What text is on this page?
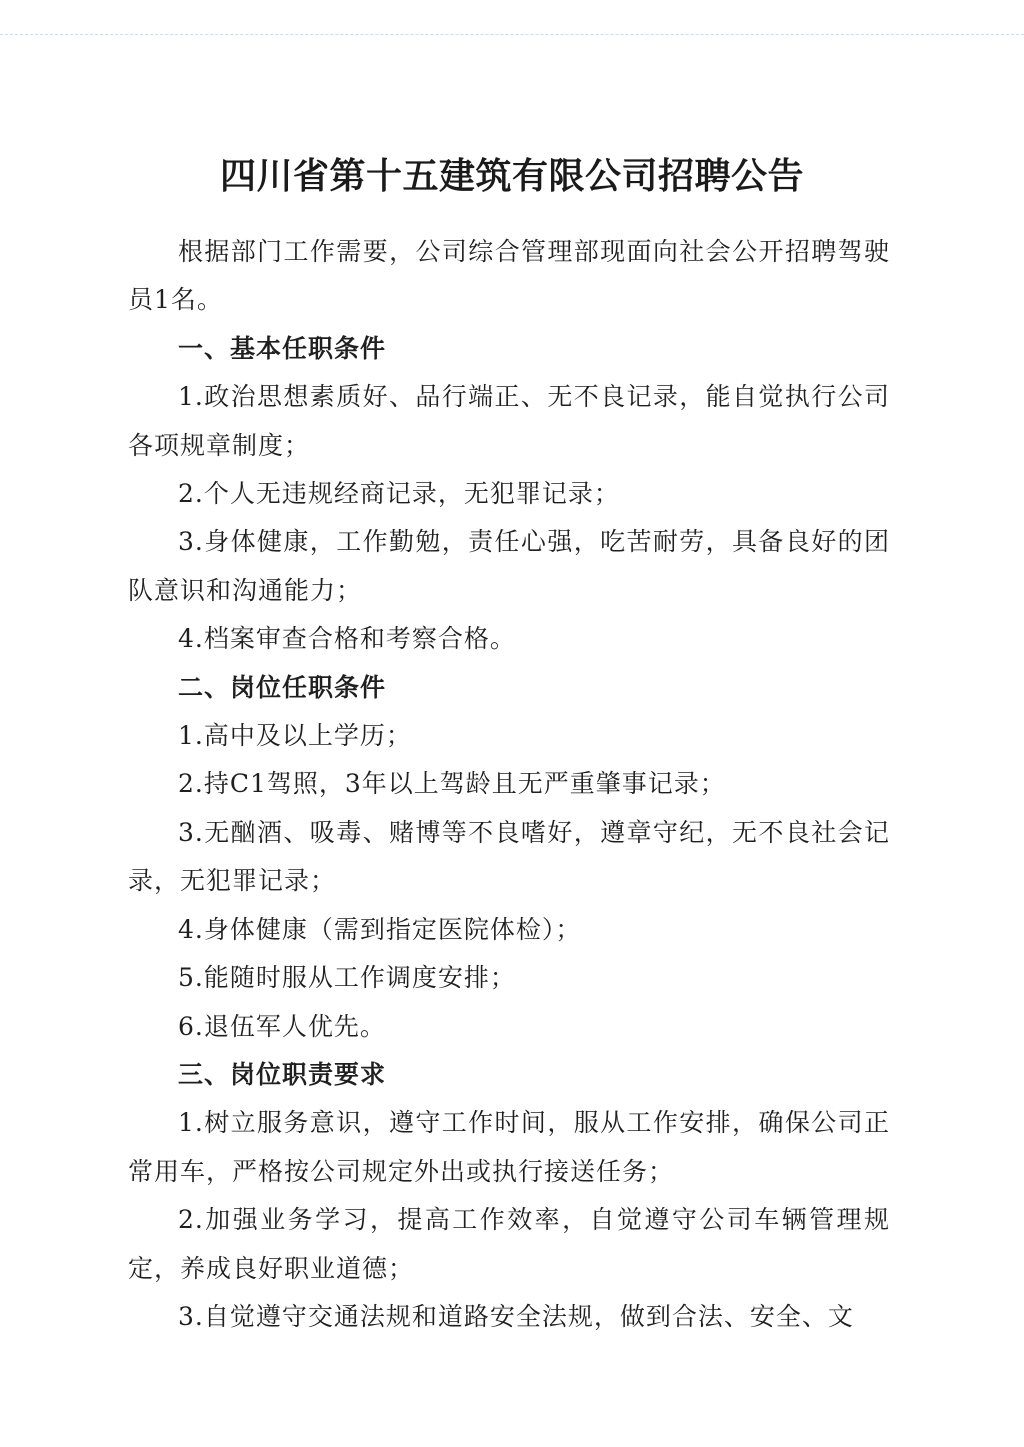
四川省第十五建筑有限公司招聘公告

根据部门工作需要，公司综合管理部现面向社会公开招聘驾驶员1名。

一、基本任职条件

1.政治思想素质好、品行端正、无不良记录，能自觉执行公司各项规章制度；

2.个人无违规经商记录，无犯罪记录；

3.身体健康，工作勤勉，责任心强，吃苦耐劳，具备良好的团队意识和沟通能力；

4.档案审查合格和考察合格。

二、岗位任职条件

1.高中及以上学历；

2.持C1驾照，3年以上驾龄且无严重肇事记录；

3.无酗酒、吸毒、赌博等不良嗜好，遵章守纪，无不良社会记录，无犯罪记录；

4.身体健康（需到指定医院体检）；

5.能随时服从工作调度安排；

6.退伍军人优先。

三、岗位职责要求

1.树立服务意识，遵守工作时间，服从工作安排，确保公司正常用车，严格按公司规定外出或执行接送任务；

2.加强业务学习，提高工作效率，自觉遵守公司车辆管理规定，养成良好职业道德；

3.自觉遵守交通法规和道路安全法规，做到合法、安全、文
